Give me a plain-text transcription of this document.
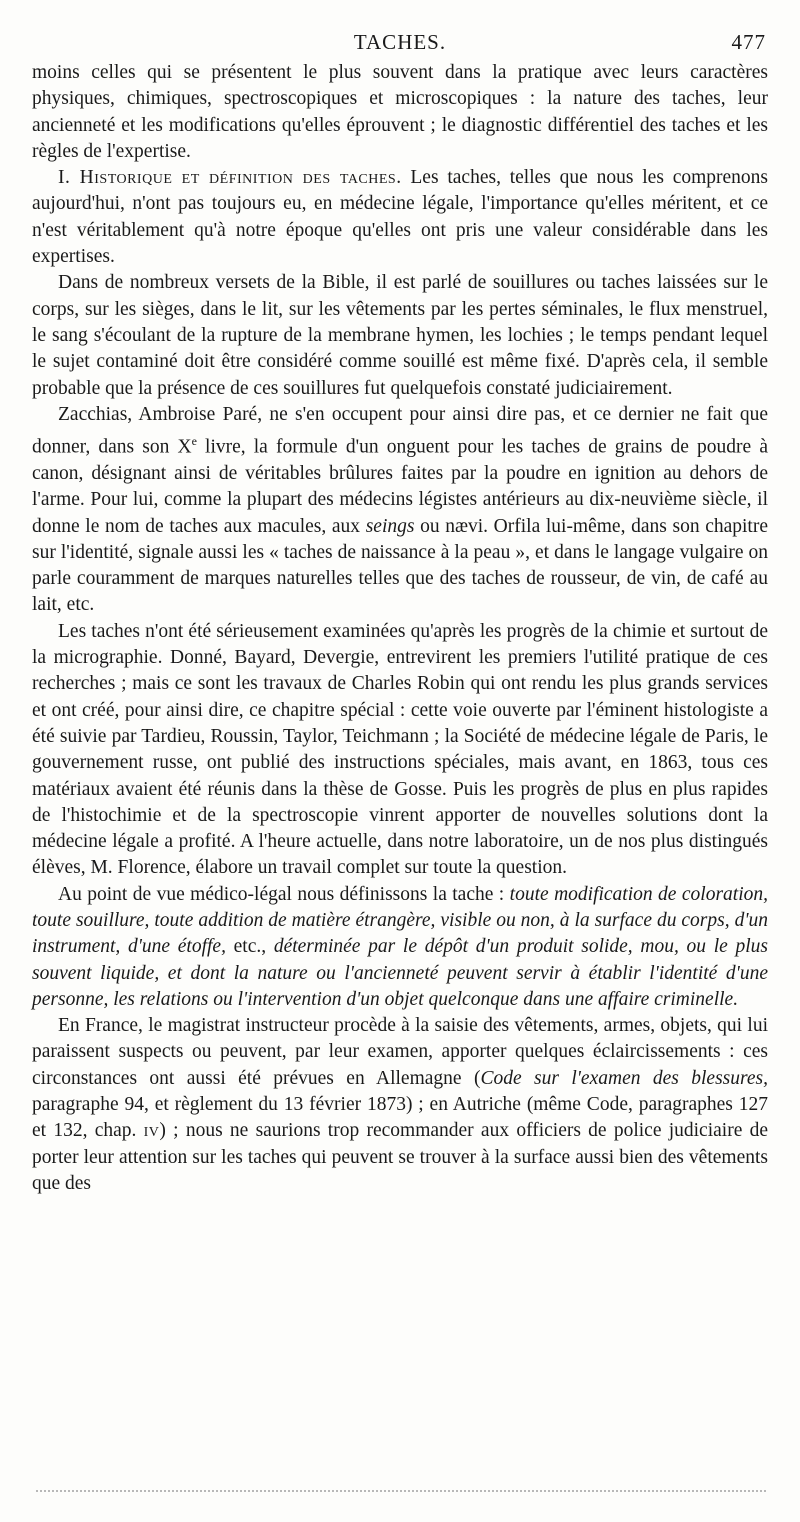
TACHES.	477

moins celles qui se présentent le plus souvent dans la pratique avec leurs caractères physiques, chimiques, spectroscopiques et microscopiques : la nature des taches, leur ancienneté et les modifications qu'elles éprouvent ; le diagnostic différentiel des taches et les règles de l'expertise.

I. Historique et définition des taches. Les taches, telles que nous les comprenons aujourd'hui, n'ont pas toujours eu, en médecine légale, l'importance qu'elles méritent, et ce n'est véritablement qu'à notre époque qu'elles ont pris une valeur considérable dans les expertises.

Dans de nombreux versets de la Bible, il est parlé de souillures ou taches laissées sur le corps, sur les sièges, dans le lit, sur les vêtements par les pertes séminales, le flux menstruel, le sang s'écoulant de la rupture de la membrane hymen, les lochies ; le temps pendant lequel le sujet contaminé doit être considéré comme souillé est même fixé. D'après cela, il semble probable que la présence de ces souillures fut quelquefois constaté judiciairement.

Zacchias, Ambroise Paré, ne s'en occupent pour ainsi dire pas, et ce dernier ne fait que donner, dans son Xe livre, la formule d'un onguent pour les taches de grains de poudre à canon, désignant ainsi de véritables brûlures faites par la poudre en ignition au dehors de l'arme. Pour lui, comme la plupart des médecins légistes antérieurs au dix-neuvième siècle, il donne le nom de taches aux macules, aux seings ou nævi. Orfila lui-même, dans son chapitre sur l'identité, signale aussi les « taches de naissance à la peau », et dans le langage vulgaire on parle couramment de marques naturelles telles que des taches de rousseur, de vin, de café au lait, etc.

Les taches n'ont été sérieusement examinées qu'après les progrès de la chimie et surtout de la micrographie. Donné, Bayard, Devergie, entrevirent les premiers l'utilité pratique de ces recherches ; mais ce sont les travaux de Charles Robin qui ont rendu les plus grands services et ont créé, pour ainsi dire, ce chapitre spécial : cette voie ouverte par l'éminent histologiste a été suivie par Tardieu, Roussin, Taylor, Teichmann ; la Société de médecine légale de Paris, le gouvernement russe, ont publié des instructions spéciales, mais avant, en 1863, tous ces matériaux avaient été réunis dans la thèse de Gosse. Puis les progrès de plus en plus rapides de l'histochimie et de la spectroscopie vinrent apporter de nouvelles solutions dont la médecine légale a profité. A l'heure actuelle, dans notre laboratoire, un de nos plus distingués élèves, M. Florence, élabore un travail complet sur toute la question.

Au point de vue médico-légal nous définissons la tache : toute modification de coloration, toute souillure, toute addition de matière étrangère, visible ou non, à la surface du corps, d'un instrument, d'une étoffe, etc., déterminée par le dépôt d'un produit solide, mou, ou le plus souvent liquide, et dont la nature ou l'ancienneté peuvent servir à établir l'identité d'une personne, les relations ou l'intervention d'un objet quelconque dans une affaire criminelle.

En France, le magistrat instructeur procède à la saisie des vêtements, armes, objets, qui lui paraissent suspects ou peuvent, par leur examen, apporter quelques éclaircissements : ces circonstances ont aussi été prévues en Allemagne (Code sur l'examen des blessures, paragraphe 94, et règlement du 13 février 1873) ; en Autriche (même Code, paragraphes 127 et 132, chap. iv) ; nous ne saurions trop recommander aux officiers de police judiciaire de porter leur attention sur les taches qui peuvent se trouver à la surface aussi bien des vêtements que des
